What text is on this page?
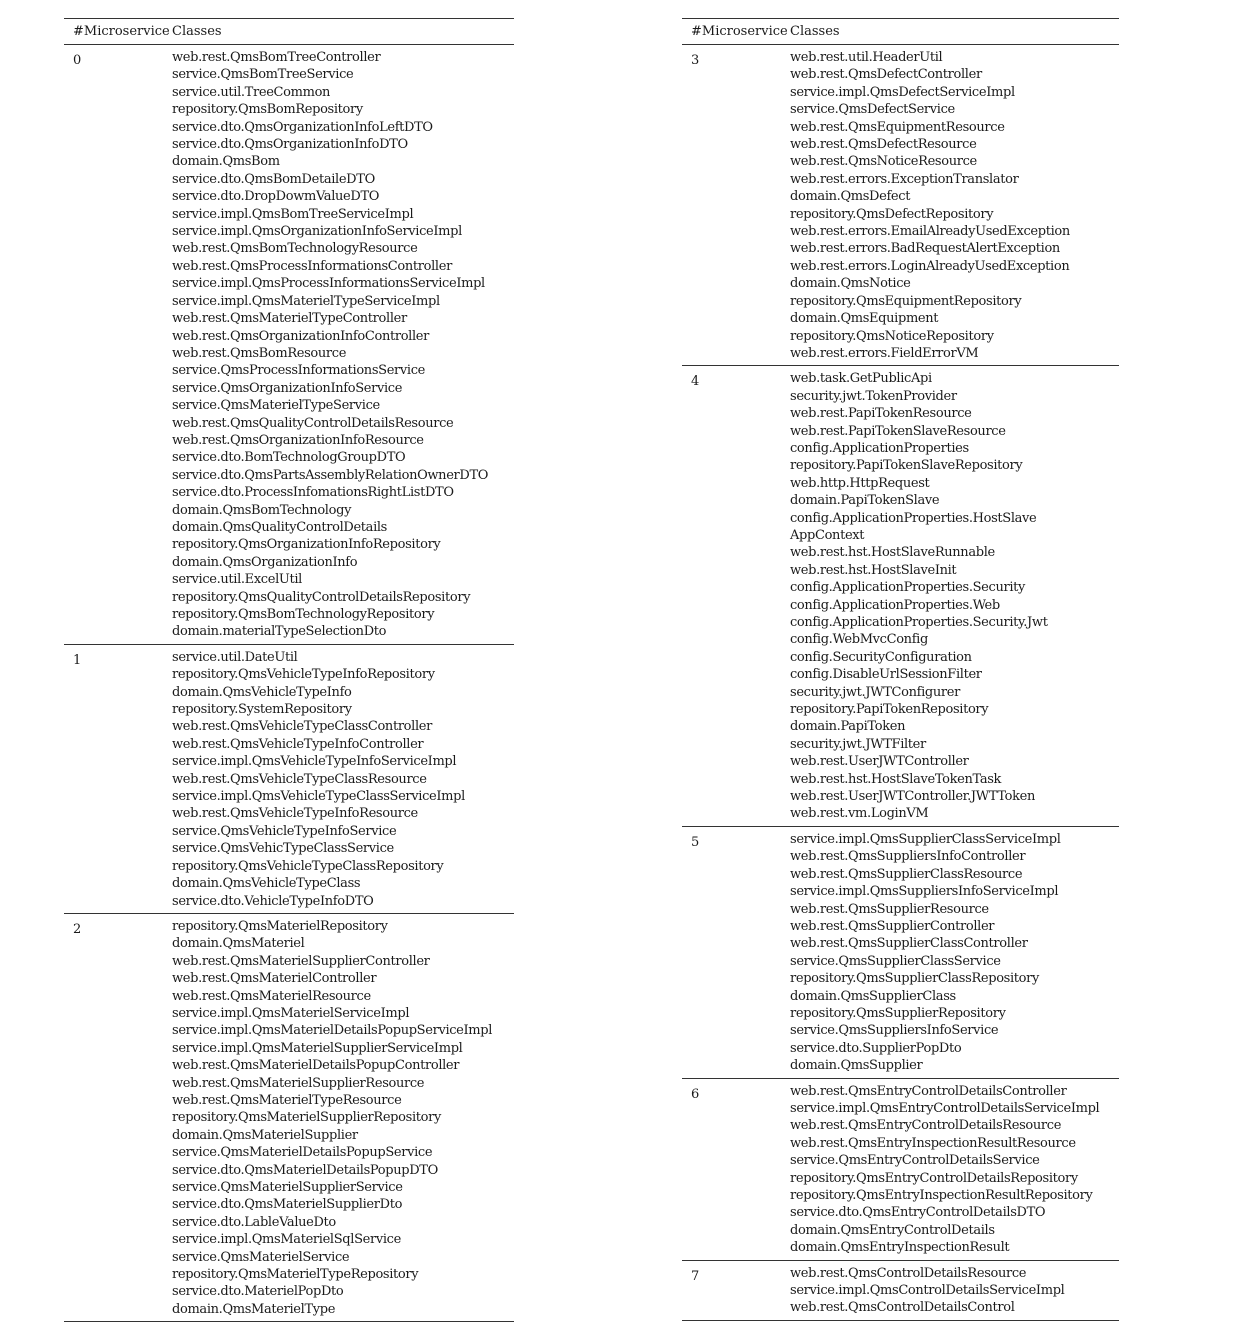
#Microservice Classes
0	web.rest.QmsBomTreeController
service.QmsBomTreeService
service.util.TreeCommon
repository.QmsBomRepository
service.dto.QmsOrganizationInfoLeftDTO
service.dto.QmsOrganizationInfoDTO
domain.QmsBom
service.dto.QmsBomDetaileDTO
service.dto.DropDowmValueDTO
service.impl.QmsBomTreeServiceImpl
service.impl.QmsOrganizationInfoServiceImpl
web.rest.QmsBomTechnologyResource
web.rest.QmsProcessInformationsController
service.impl.QmsProcessInformationsServiceImpl
service.impl.QmsMaterielTypeServiceImpl
web.rest.QmsMaterielTypeController
web.rest.QmsOrganizationInfoController
web.rest.QmsBomResource
service.QmsProcessInformationsService
service.QmsOrganizationInfoService
service.QmsMaterielTypeService
web.rest.QmsQualityControlDetailsResource
web.rest.QmsOrganizationInfoResource
service.dto.BomTechnologGroupDTO
service.dto.QmsPartsAssemblyRelationOwnerDTO
service.dto.ProcessInfomationsRightListDTO
domain.QmsBomTechnology
domain.QmsQualityControlDetails
repository.QmsOrganizationInfoRepository
domain.QmsOrganizationInfo
service.util.ExcelUtil
repository.QmsQualityControlDetailsRepository
repository.QmsBomTechnologyRepository
domain.materialTypeSelectionDto
1	service.util.DateUtil
repository.QmsVehicleTypeInfoRepository
domain.QmsVehicleTypeInfo
repository.SystemRepository
web.rest.QmsVehicleTypeClassController
web.rest.QmsVehicleTypeInfoController
service.impl.QmsVehicleTypeInfoServiceImpl
web.rest.QmsVehicleTypeClassResource
service.impl.QmsVehicleTypeClassServiceImpl
web.rest.QmsVehicleTypeInfoResource
service.QmsVehicleTypeInfoService
service.QmsVehicTypeClassService
repository.QmsVehicleTypeClassRepository
domain.QmsVehicleTypeClass
service.dto.VehicleTypeInfoDTO
2	repository.QmsMaterielRepository
domain.QmsMateriel
web.rest.QmsMaterielSupplierController
web.rest.QmsMaterielController
web.rest.QmsMaterielResource
service.impl.QmsMaterielServiceImpl
service.impl.QmsMaterielDetailsPopupServiceImpl
service.impl.QmsMaterielSupplierServiceImpl
web.rest.QmsMaterielDetailsPopupController
web.rest.QmsMaterielSupplierResource
web.rest.QmsMaterielTypeResource
repository.QmsMaterielSupplierRepository
domain.QmsMaterielSupplier
service.QmsMaterielDetailsPopupService
service.dto.QmsMaterielDetailsPopupDTO
service.QmsMaterielSupplierService
service.dto.QmsMaterielSupplierDto
service.dto.LableValueDto
service.impl.QmsMaterielSqlService
service.QmsMaterielService
repository.QmsMaterielTypeRepository
service.dto.MaterielPopDto
domain.QmsMaterielType
#Microservice Classes
3	web.rest.util.HeaderUtil
web.rest.QmsDefectController
service.impl.QmsDefectServiceImpl
service.QmsDefectService
web.rest.QmsEquipmentResource
web.rest.QmsDefectResource
web.rest.QmsNoticeResource
web.rest.errors.ExceptionTranslator
domain.QmsDefect
repository.QmsDefectRepository
web.rest.errors.EmailAlreadyUsedException
web.rest.errors.BadRequestAlertException
web.rest.errors.LoginAlreadyUsedException
domain.QmsNotice
repository.QmsEquipmentRepository
domain.QmsEquipment
repository.QmsNoticeRepository
web.rest.errors.FieldErrorVM
4	web.task.GetPublicApi
security.jwt.TokenProvider
web.rest.PapiTokenResource
web.rest.PapiTokenSlaveResource
config.ApplicationProperties
repository.PapiTokenSlaveRepository
web.http.HttpRequest
domain.PapiTokenSlave
config.ApplicationProperties.HostSlave
AppContext
web.rest.hst.HostSlaveRunnable
web.rest.hst.HostSlaveInit
config.ApplicationProperties.Security
config.ApplicationProperties.Web
config.ApplicationProperties.Security.Jwt
config.WebMvcConfig
config.SecurityConfiguration
config.DisableUrlSessionFilter
security.jwt.JWTConfigurer
repository.PapiTokenRepository
domain.PapiToken
security.jwt.JWTFilter
web.rest.UserJWTController
web.rest.hst.HostSlaveTokenTask
web.rest.UserJWTController.JWTToken
web.rest.vm.LoginVM
5	service.impl.QmsSupplierClassServiceImpl
web.rest.QmsSuppliersInfoController
web.rest.QmsSupplierClassResource
service.impl.QmsSuppliersInfoServiceImpl
web.rest.QmsSupplierResource
web.rest.QmsSupplierController
web.rest.QmsSupplierClassController
service.QmsSupplierClassService
repository.QmsSupplierClassRepository
domain.QmsSupplierClass
repository.QmsSupplierRepository
service.QmsSuppliersInfoService
service.dto.SupplierPopDto
domain.QmsSupplier
6	web.rest.QmsEntryControlDetailsController
service.impl.QmsEntryControlDetailsServiceImpl
web.rest.QmsEntryControlDetailsResource
web.rest.QmsEntryInspectionResultResource
service.QmsEntryControlDetailsService
repository.QmsEntryControlDetailsRepository
repository.QmsEntryInspectionResultRepository
service.dto.QmsEntryControlDetailsDTO
domain.QmsEntryControlDetails
domain.QmsEntryInspectionResult
7	web.rest.QmsControlDetailsResource
service.impl.QmsControlDetailsServiceImpl
web.rest.QmsControlDetailsControl
